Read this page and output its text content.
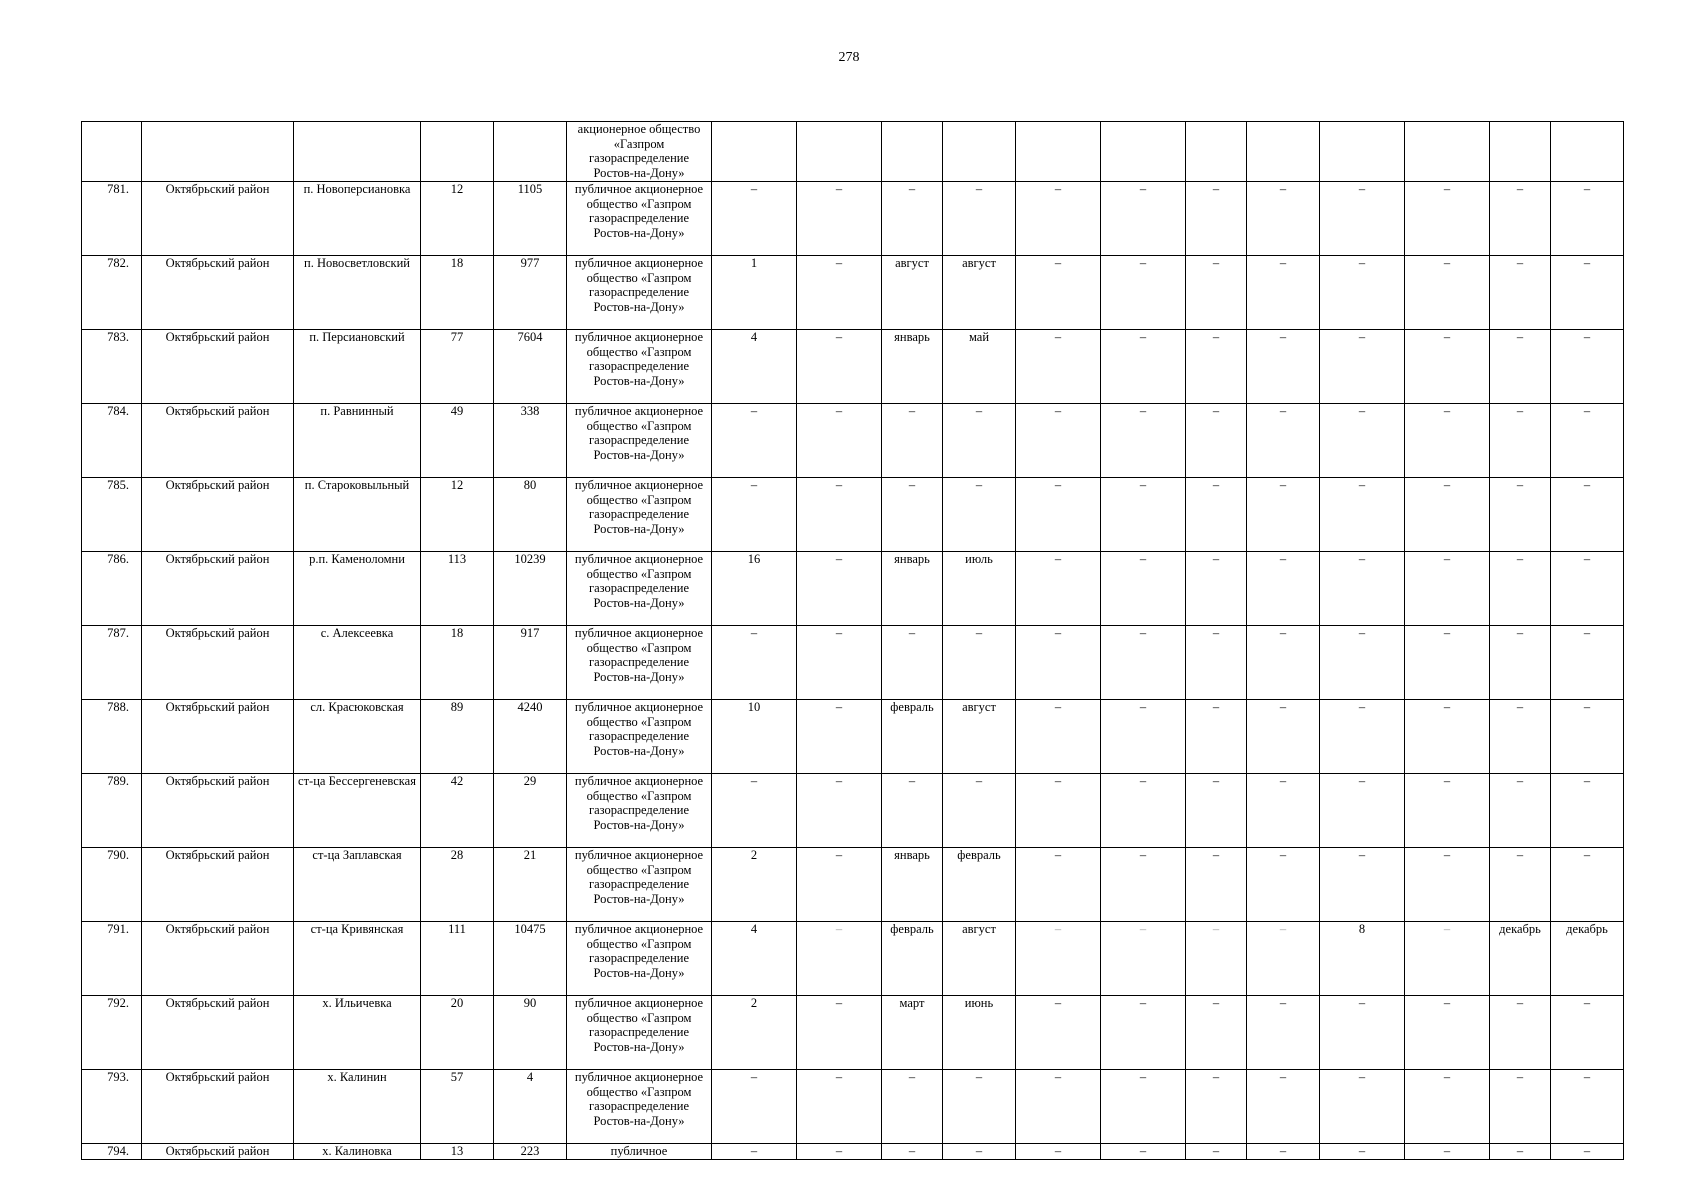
278
					акционерное общество «Газпром газораспределение Ростов-на-Дону»												
781.	Октябрьский район	п. Новоперсиановка	12	1105	публичное акционерное общество «Газпром газораспределение Ростов-на-Дону»	–	–	–	–	–	–	–	–	–	–	–	–
782.	Октябрьский район	п. Новосветловский	18	977	публичное акционерное общество «Газпром газораспределение Ростов-на-Дону»	1	–	август	август	–	–	–	–	–	–	–	–
783.	Октябрьский район	п. Персиановский	77	7604	публичное акционерное общество «Газпром газораспределение Ростов-на-Дону»	4	–	январь	май	–	–	–	–	–	–	–	–
784.	Октябрьский район	п. Равнинный	49	338	публичное акционерное общество «Газпром газораспределение Ростов-на-Дону»	–	–	–	–	–	–	–	–	–	–	–	–
785.	Октябрьский район	п. Староковыльный	12	80	публичное акционерное общество «Газпром газораспределение Ростов-на-Дону»	–	–	–	–	–	–	–	–	–	–	–	–
786.	Октябрьский район	р.п. Каменоломни	113	10239	публичное акционерное общество «Газпром газораспределение Ростов-на-Дону»	16	–	январь	июль	–	–	–	–	–	–	–	–
787.	Октябрьский район	с. Алексеевка	18	917	публичное акционерное общество «Газпром газораспределение Ростов-на-Дону»	–	–	–	–	–	–	–	–	–	–	–	–
788.	Октябрьский район	сл. Красюковская	89	4240	публичное акционерное общество «Газпром газораспределение Ростов-на-Дону»	10	–	февраль	август	–	–	–	–	–	–	–	–
789.	Октябрьский район	ст-ца Бессергеневская	42	29	публичное акционерное общество «Газпром газораспределение Ростов-на-Дону»	–	–	–	–	–	–	–	–	–	–	–	–
790.	Октябрьский район	ст-ца Заплавская	28	21	публичное акционерное общество «Газпром газораспределение Ростов-на-Дону»	2	–	январь	февраль	–	–	–	–	–	–	–	–
791.	Октябрьский район	ст-ца Кривянская	111	10475	публичное акционерное общество «Газпром газораспределение Ростов-на-Дону»	4	–	февраль	август	–	–	–	–	8	–	декабрь	декабрь
792.	Октябрьский район	х. Ильичевка	20	90	публичное акционерное общество «Газпром газораспределение Ростов-на-Дону»	2	–	март	июнь	–	–	–	–	–	–	–	–
793.	Октябрьский район	х. Калинин	57	4	публичное акционерное общество «Газпром газораспределение Ростов-на-Дону»	–	–	–	–	–	–	–	–	–	–	–	–
794.	Октябрьский район	х. Калиновка	13	223	публичное	–	–	–	–	–	–	–	–	–	–	–	–
